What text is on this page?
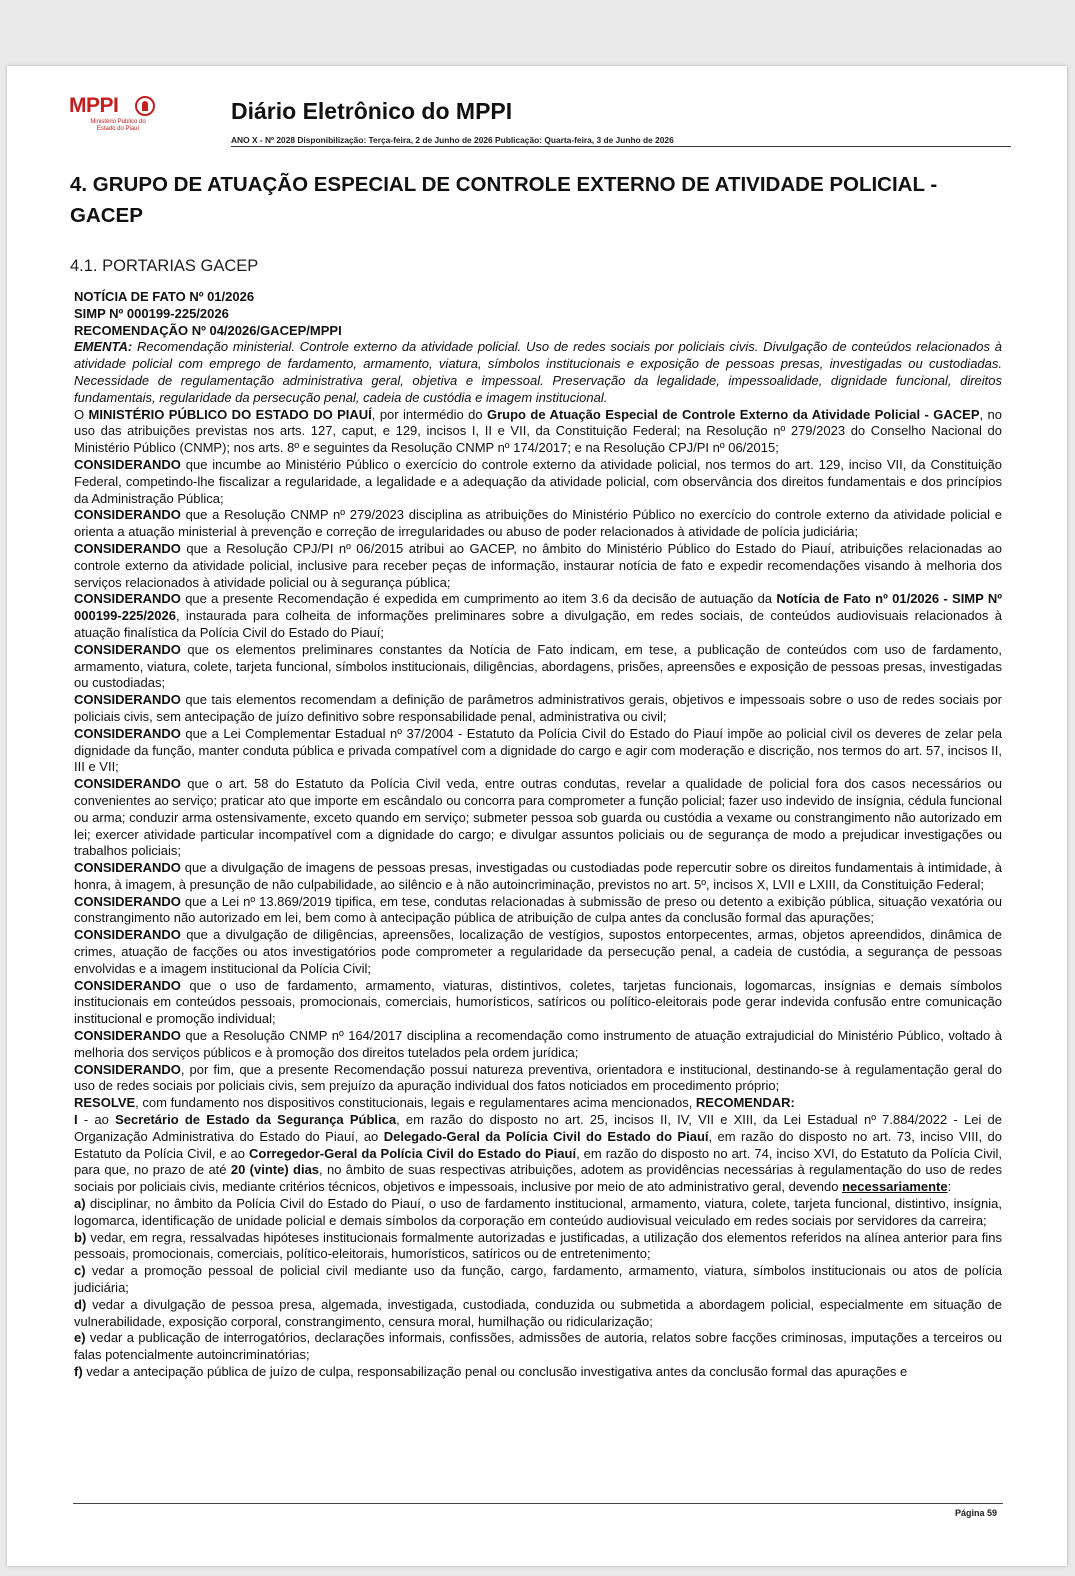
MPPI
Ministério Público do Estado do Piauí
Diário Eletrônico do MPPI
ANO X - Nº 2028 Disponibilização: Terça-feira, 2 de Junho de 2026 Publicação: Quarta-feira, 3 de Junho de 2026
4. GRUPO DE ATUAÇÃO ESPECIAL DE CONTROLE EXTERNO DE ATIVIDADE POLICIAL - GACEP
4.1. PORTARIAS GACEP

NOTÍCIA DE FATO Nº 01/2026

SIMP Nº 000199-225/2026

RECOMENDAÇÃO Nº 04/2026/GACEP/MPPI

EMENTA: Recomendação ministerial. Controle externo da atividade policial. Uso de redes sociais por policiais civis. Divulgação de conteúdos relacionados à atividade policial com emprego de fardamento, armamento, viatura, símbolos institucionais e exposição de pessoas presas, investigadas ou custodiadas. Necessidade de regulamentação administrativa geral, objetiva e impessoal. Preservação da legalidade, impessoalidade, dignidade funcional, direitos fundamentais, regularidade da persecução penal, cadeia de custódia e imagem institucional.

O MINISTÉRIO PÚBLICO DO ESTADO DO PIAUÍ, por intermédio do Grupo de Atuação Especial de Controle Externo da Atividade Policial - GACEP, no uso das atribuições previstas nos arts. 127, caput, e 129, incisos I, II e VII, da Constituição Federal; na Resolução nº 279/2023 do Conselho Nacional do Ministério Público (CNMP); nos arts. 8º e seguintes da Resolução CNMP nº 174/2017; e na Resolução CPJ/PI nº 06/2015;

CONSIDERANDO que incumbe ao Ministério Público o exercício do controle externo da atividade policial, nos termos do art. 129, inciso VII, da Constituição Federal, competindo-lhe fiscalizar a regularidade, a legalidade e a adequação da atividade policial, com observância dos direitos fundamentais e dos princípios da Administração Pública;

CONSIDERANDO que a Resolução CNMP nº 279/2023 disciplina as atribuições do Ministério Público no exercício do controle externo da atividade policial e orienta a atuação ministerial à prevenção e correção de irregularidades ou abuso de poder relacionados à atividade de polícia judiciária;

CONSIDERANDO que a Resolução CPJ/PI nº 06/2015 atribui ao GACEP, no âmbito do Ministério Público do Estado do Piauí, atribuições relacionadas ao controle externo da atividade policial, inclusive para receber peças de informação, instaurar notícia de fato e expedir recomendações visando à melhoria dos serviços relacionados à atividade policial ou à segurança pública;

CONSIDERANDO que a presente Recomendação é expedida em cumprimento ao item 3.6 da decisão de autuação da Notícia de Fato nº 01/2026 - SIMP Nº 000199-225/2026, instaurada para colheita de informações preliminares sobre a divulgação, em redes sociais, de conteúdos audiovisuais relacionados à atuação finalística da Polícia Civil do Estado do Piauí;

CONSIDERANDO que os elementos preliminares constantes da Notícia de Fato indicam, em tese, a publicação de conteúdos com uso de fardamento, armamento, viatura, colete, tarjeta funcional, símbolos institucionais, diligências, abordagens, prisões, apreensões e exposição de pessoas presas, investigadas ou custodiadas;

CONSIDERANDO que tais elementos recomendam a definição de parâmetros administrativos gerais, objetivos e impessoais sobre o uso de redes sociais por policiais civis, sem antecipação de juízo definitivo sobre responsabilidade penal, administrativa ou civil;

CONSIDERANDO que a Lei Complementar Estadual nº 37/2004 - Estatuto da Polícia Civil do Estado do Piauí impõe ao policial civil os deveres de zelar pela dignidade da função, manter conduta pública e privada compatível com a dignidade do cargo e agir com moderação e discrição, nos termos do art. 57, incisos II, III e VII;

CONSIDERANDO que o art. 58 do Estatuto da Polícia Civil veda, entre outras condutas, revelar a qualidade de policial fora dos casos necessários ou convenientes ao serviço; praticar ato que importe em escândalo ou concorra para comprometer a função policial; fazer uso indevido de insígnia, cédula funcional ou arma; conduzir arma ostensivamente, exceto quando em serviço; submeter pessoa sob guarda ou custódia a vexame ou constrangimento não autorizado em lei; exercer atividade particular incompatível com a dignidade do cargo; e divulgar assuntos policiais ou de segurança de modo a prejudicar investigações ou trabalhos policiais;

CONSIDERANDO que a divulgação de imagens de pessoas presas, investigadas ou custodiadas pode repercutir sobre os direitos fundamentais à intimidade, à honra, à imagem, à presunção de não culpabilidade, ao silêncio e à não autoincriminação, previstos no art. 5º, incisos X, LVII e LXIII, da Constituição Federal;

CONSIDERANDO que a Lei nº 13.869/2019 tipifica, em tese, condutas relacionadas à submissão de preso ou detento a exibição pública, situação vexatória ou constrangimento não autorizado em lei, bem como à antecipação pública de atribuição de culpa antes da conclusão formal das apurações;

CONSIDERANDO que a divulgação de diligências, apreensões, localização de vestígios, supostos entorpecentes, armas, objetos apreendidos, dinâmica de crimes, atuação de facções ou atos investigatórios pode comprometer a regularidade da persecução penal, a cadeia de custódia, a segurança de pessoas envolvidas e a imagem institucional da Polícia Civil;

CONSIDERANDO que o uso de fardamento, armamento, viaturas, distintivos, coletes, tarjetas funcionais, logomarcas, insígnias e demais símbolos institucionais em conteúdos pessoais, promocionais, comerciais, humorísticos, satíricos ou político-eleitorais pode gerar indevida confusão entre comunicação institucional e promoção individual;

CONSIDERANDO que a Resolução CNMP nº 164/2017 disciplina a recomendação como instrumento de atuação extrajudicial do Ministério Público, voltado à melhoria dos serviços públicos e à promoção dos direitos tutelados pela ordem jurídica;

CONSIDERANDO, por fim, que a presente Recomendação possui natureza preventiva, orientadora e institucional, destinando-se à regulamentação geral do uso de redes sociais por policiais civis, sem prejuízo da apuração individual dos fatos noticiados em procedimento próprio;

RESOLVE, com fundamento nos dispositivos constitucionais, legais e regulamentares acima mencionados, RECOMENDAR:

I - ao Secretário de Estado da Segurança Pública, em razão do disposto no art. 25, incisos II, IV, VII e XIII, da Lei Estadual nº 7.884/2022 - Lei de Organização Administrativa do Estado do Piauí, ao Delegado-Geral da Polícia Civil do Estado do Piauí, em razão do disposto no art. 73, inciso VIII, do Estatuto da Polícia Civil, e ao Corregedor-Geral da Polícia Civil do Estado do Piauí, em razão do disposto no art. 74, inciso XVI, do Estatuto da Polícia Civil, para que, no prazo de até 20 (vinte) dias, no âmbito de suas respectivas atribuições, adotem as providências necessárias à regulamentação do uso de redes sociais por policiais civis, mediante critérios técnicos, objetivos e impessoais, inclusive por meio de ato administrativo geral, devendo necessariamente:

a) disciplinar, no âmbito da Polícia Civil do Estado do Piauí, o uso de fardamento institucional, armamento, viatura, colete, tarjeta funcional, distintivo, insígnia, logomarca, identificação de unidade policial e demais símbolos da corporação em conteúdo audiovisual veiculado em redes sociais por servidores da carreira;

b) vedar, em regra, ressalvadas hipóteses institucionais formalmente autorizadas e justificadas, a utilização dos elementos referidos na alínea anterior para fins pessoais, promocionais, comerciais, político-eleitorais, humorísticos, satíricos ou de entretenimento;

c) vedar a promoção pessoal de policial civil mediante uso da função, cargo, fardamento, armamento, viatura, símbolos institucionais ou atos de polícia judiciária;

d) vedar a divulgação de pessoa presa, algemada, investigada, custodiada, conduzida ou submetida a abordagem policial, especialmente em situação de vulnerabilidade, exposição corporal, constrangimento, censura moral, humilhação ou ridicularização;

e) vedar a publicação de interrogatórios, declarações informais, confissões, admissões de autoria, relatos sobre facções criminosas, imputações a terceiros ou falas potencialmente autoincriminatórias;

f) vedar a antecipação pública de juízo de culpa, responsabilização penal ou conclusão investigativa antes da conclusão formal das apurações e

Página 59
